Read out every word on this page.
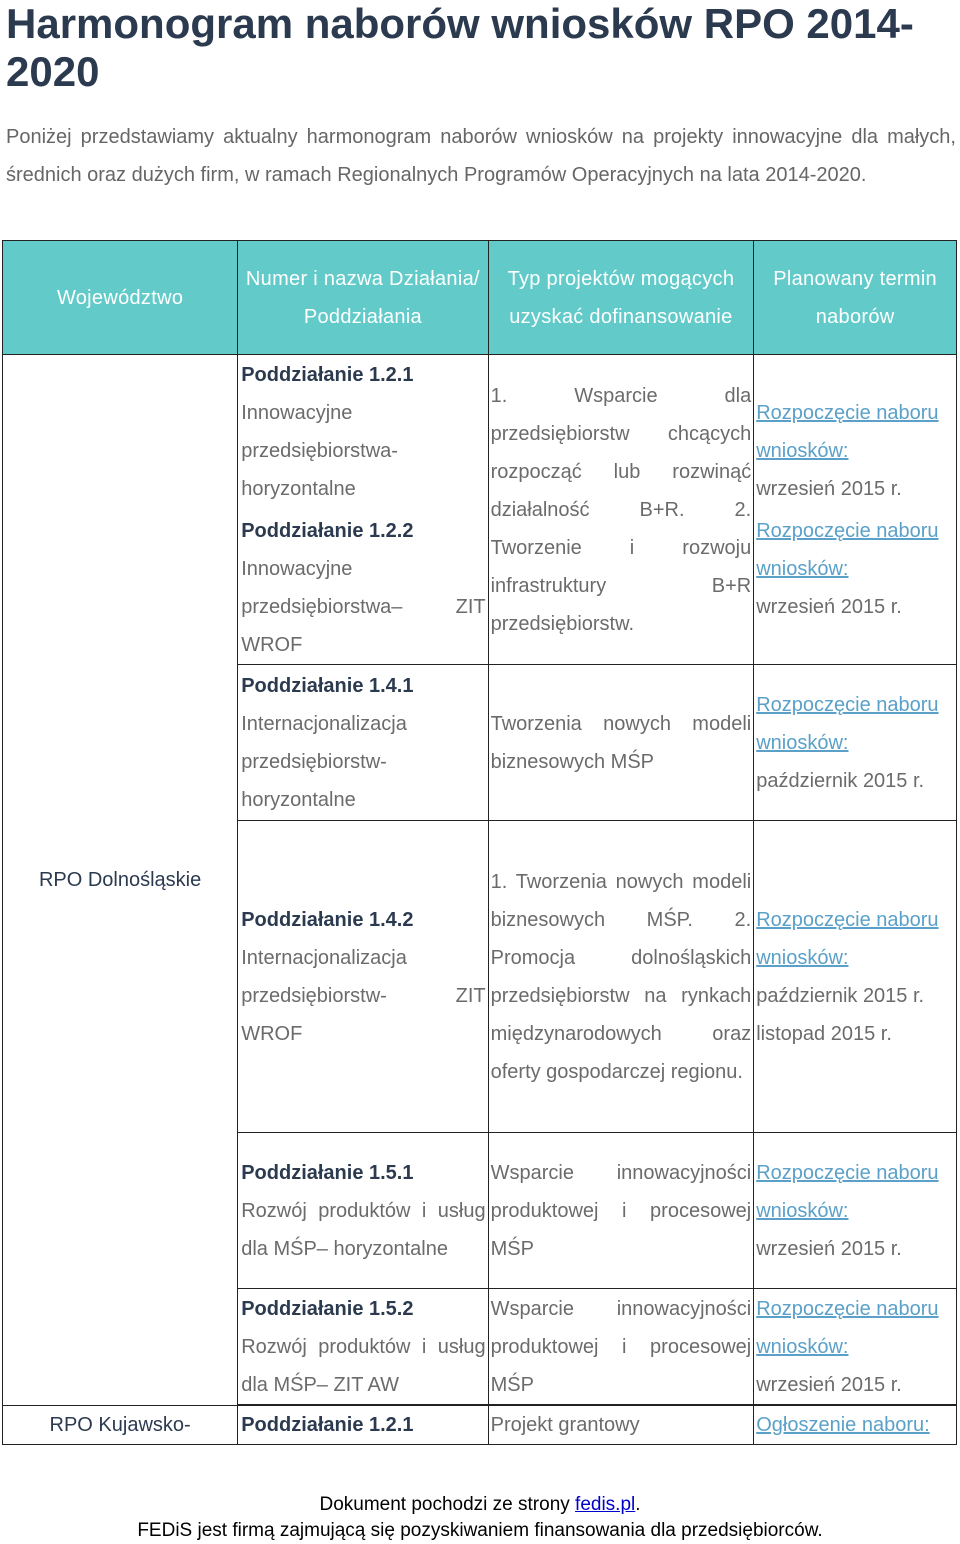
Harmonogram naborów wniosków RPO 2014-2020

Poniżej przedstawiamy aktualny harmonogram naborów wniosków na projekty innowacyjne dla małych, średnich oraz dużych firm, w ramach Regionalnych Programów Operacyjnych na lata 2014-2020.

Województwo	Numer i nazwa Działania/ Poddziałania	Typ projektów mogących uzyskać dofinansowanie	Planowany termin naborów
RPO Dolnośląskie	Poddziałanie 1.2.1
Innowacyjne przedsiębiorstwa- horyzontalne
Poddziałanie 1.2.2
Innowacyjne przedsiębiorstwa– ZIT WROF	1. Wsparcie dla przedsiębiorstw chcących rozpocząć lub rozwinąć działalność B+R. 2. Tworzenie i rozwoju infrastruktury B+R przedsiębiorstw.	Rozpoczęcie naboru wniosków:
wrzesień 2015 r.
Rozpoczęcie naboru wniosków:
wrzesień 2015 r.

	Poddziałanie 1.4.1
Internacjonalizacja przedsiębiorstw- horyzontalne	Tworzenia nowych modeli biznesowych MŚP	Rozpoczęcie naboru wniosków:
październik 2015 r.

	Poddziałanie 1.4.2
Internacjonalizacja przedsiębiorstw- ZIT WROF	1. Tworzenia nowych modeli biznesowych MŚP. 2. Promocja dolnośląskich przedsiębiorstw na rynkach międzynarodowych oraz oferty gospodarczej regionu.	Rozpoczęcie naboru wniosków:
październik 2015 r.
listopad 2015 r.

	Poddziałanie 1.5.1
Rozwój produktów i usług dla MŚP– horyzontalne	Wsparcie innowacyjności produktowej i procesowej MŚP	Rozpoczęcie naboru wniosków:
wrzesień 2015 r.

	Poddziałanie 1.5.2
Rozwój produktów i usług dla MŚP– ZIT AW	Wsparcie innowacyjności produktowej i procesowej MŚP	Rozpoczęcie naboru wniosków:
wrzesień 2015 r.

RPO Kujawsko-	Poddziałanie 1.2.1	Projekt grantowy	Ogłoszenie naboru:
Dokument pochodzi ze strony fedis.pl.
FEDiS jest firmą zajmującą się pozyskiwaniem finansowania dla przedsiębiorców.
